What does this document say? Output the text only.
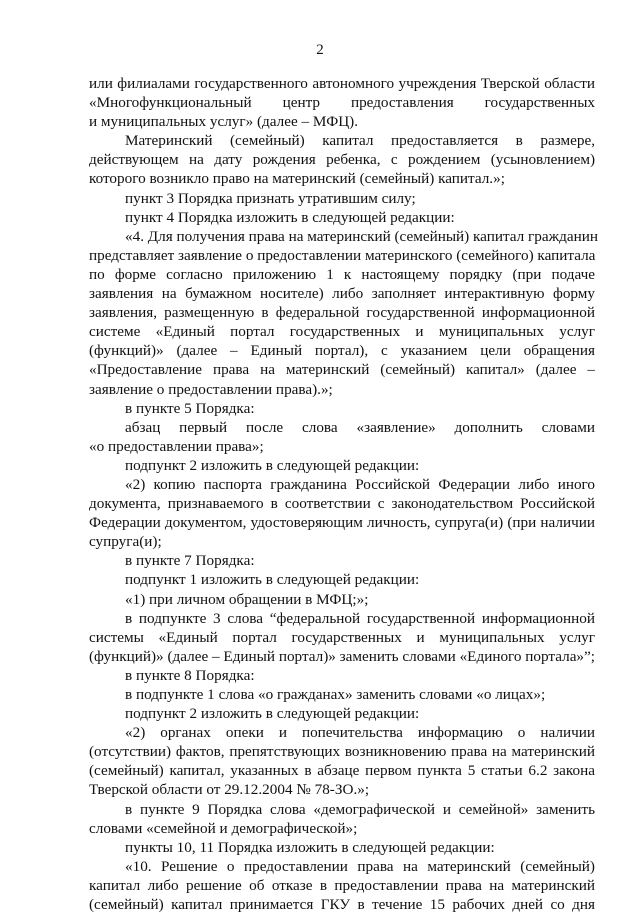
2
или филиалами государственного автономного учреждения Тверской области
«Многофункциональный центр предоставления государственных
и муниципальных услуг» (далее – МФЦ).
Материнский (семейный) капитал предоставляется в размере,
действующем на дату рождения ребенка, с рождением (усыновлением)
которого возникло право на материнский (семейный) капитал.»;
пункт 3 Порядка признать утратившим силу;
пункт 4 Порядка изложить в следующей редакции:
«4. Для получения права на материнский (семейный) капитал гражданин
представляет заявление о предоставлении материнского (семейного) капитала
по форме согласно приложению 1 к настоящему порядку (при подаче
заявления на бумажном носителе) либо заполняет интерактивную форму
заявления, размещенную в федеральной государственной информационной
системе «Единый портал государственных и муниципальных услуг
(функций)» (далее – Единый портал), с указанием цели обращения
«Предоставление права на материнский (семейный) капитал» (далее –
заявление о предоставлении права).»;
в пункте 5 Порядка:
абзац первый после слова «заявление» дополнить словами
«о предоставлении права»;
подпункт 2 изложить в следующей редакции:
«2) копию паспорта гражданина Российской Федерации либо иного
документа, признаваемого в соответствии с законодательством Российской
Федерации документом, удостоверяющим личность, супруга(и) (при наличии
супруга(и);
в пункте 7 Порядка:
подпункт 1 изложить в следующей редакции:
«1) при личном обращении в МФЦ;»;
в подпункте 3 слова “федеральной государственной информационной
системы «Единый портал государственных и муниципальных услуг
(функций)» (далее – Единый портал)» заменить словами «Единого портала»”;
в пункте 8 Порядка:
в подпункте 1 слова «о гражданах» заменить словами «о лицах»;
подпункт 2 изложить в следующей редакции:
«2) органах опеки и попечительства информацию о наличии
(отсутствии) фактов, препятствующих возникновению права на материнский
(семейный) капитал, указанных в абзаце первом пункта 5 статьи 6.2 закона
Тверской области от 29.12.2004 № 78-ЗО.»;
в пункте 9 Порядка слова «демографической и семейной» заменить
словами «семейной и демографической»;
пункты 10, 11 Порядка изложить в следующей редакции:
«10. Решение о предоставлении права на материнский (семейный)
капитал либо решение об отказе в предоставлении права на материнский
(семейный) капитал принимается ГКУ в течение 15 рабочих дней со дня
